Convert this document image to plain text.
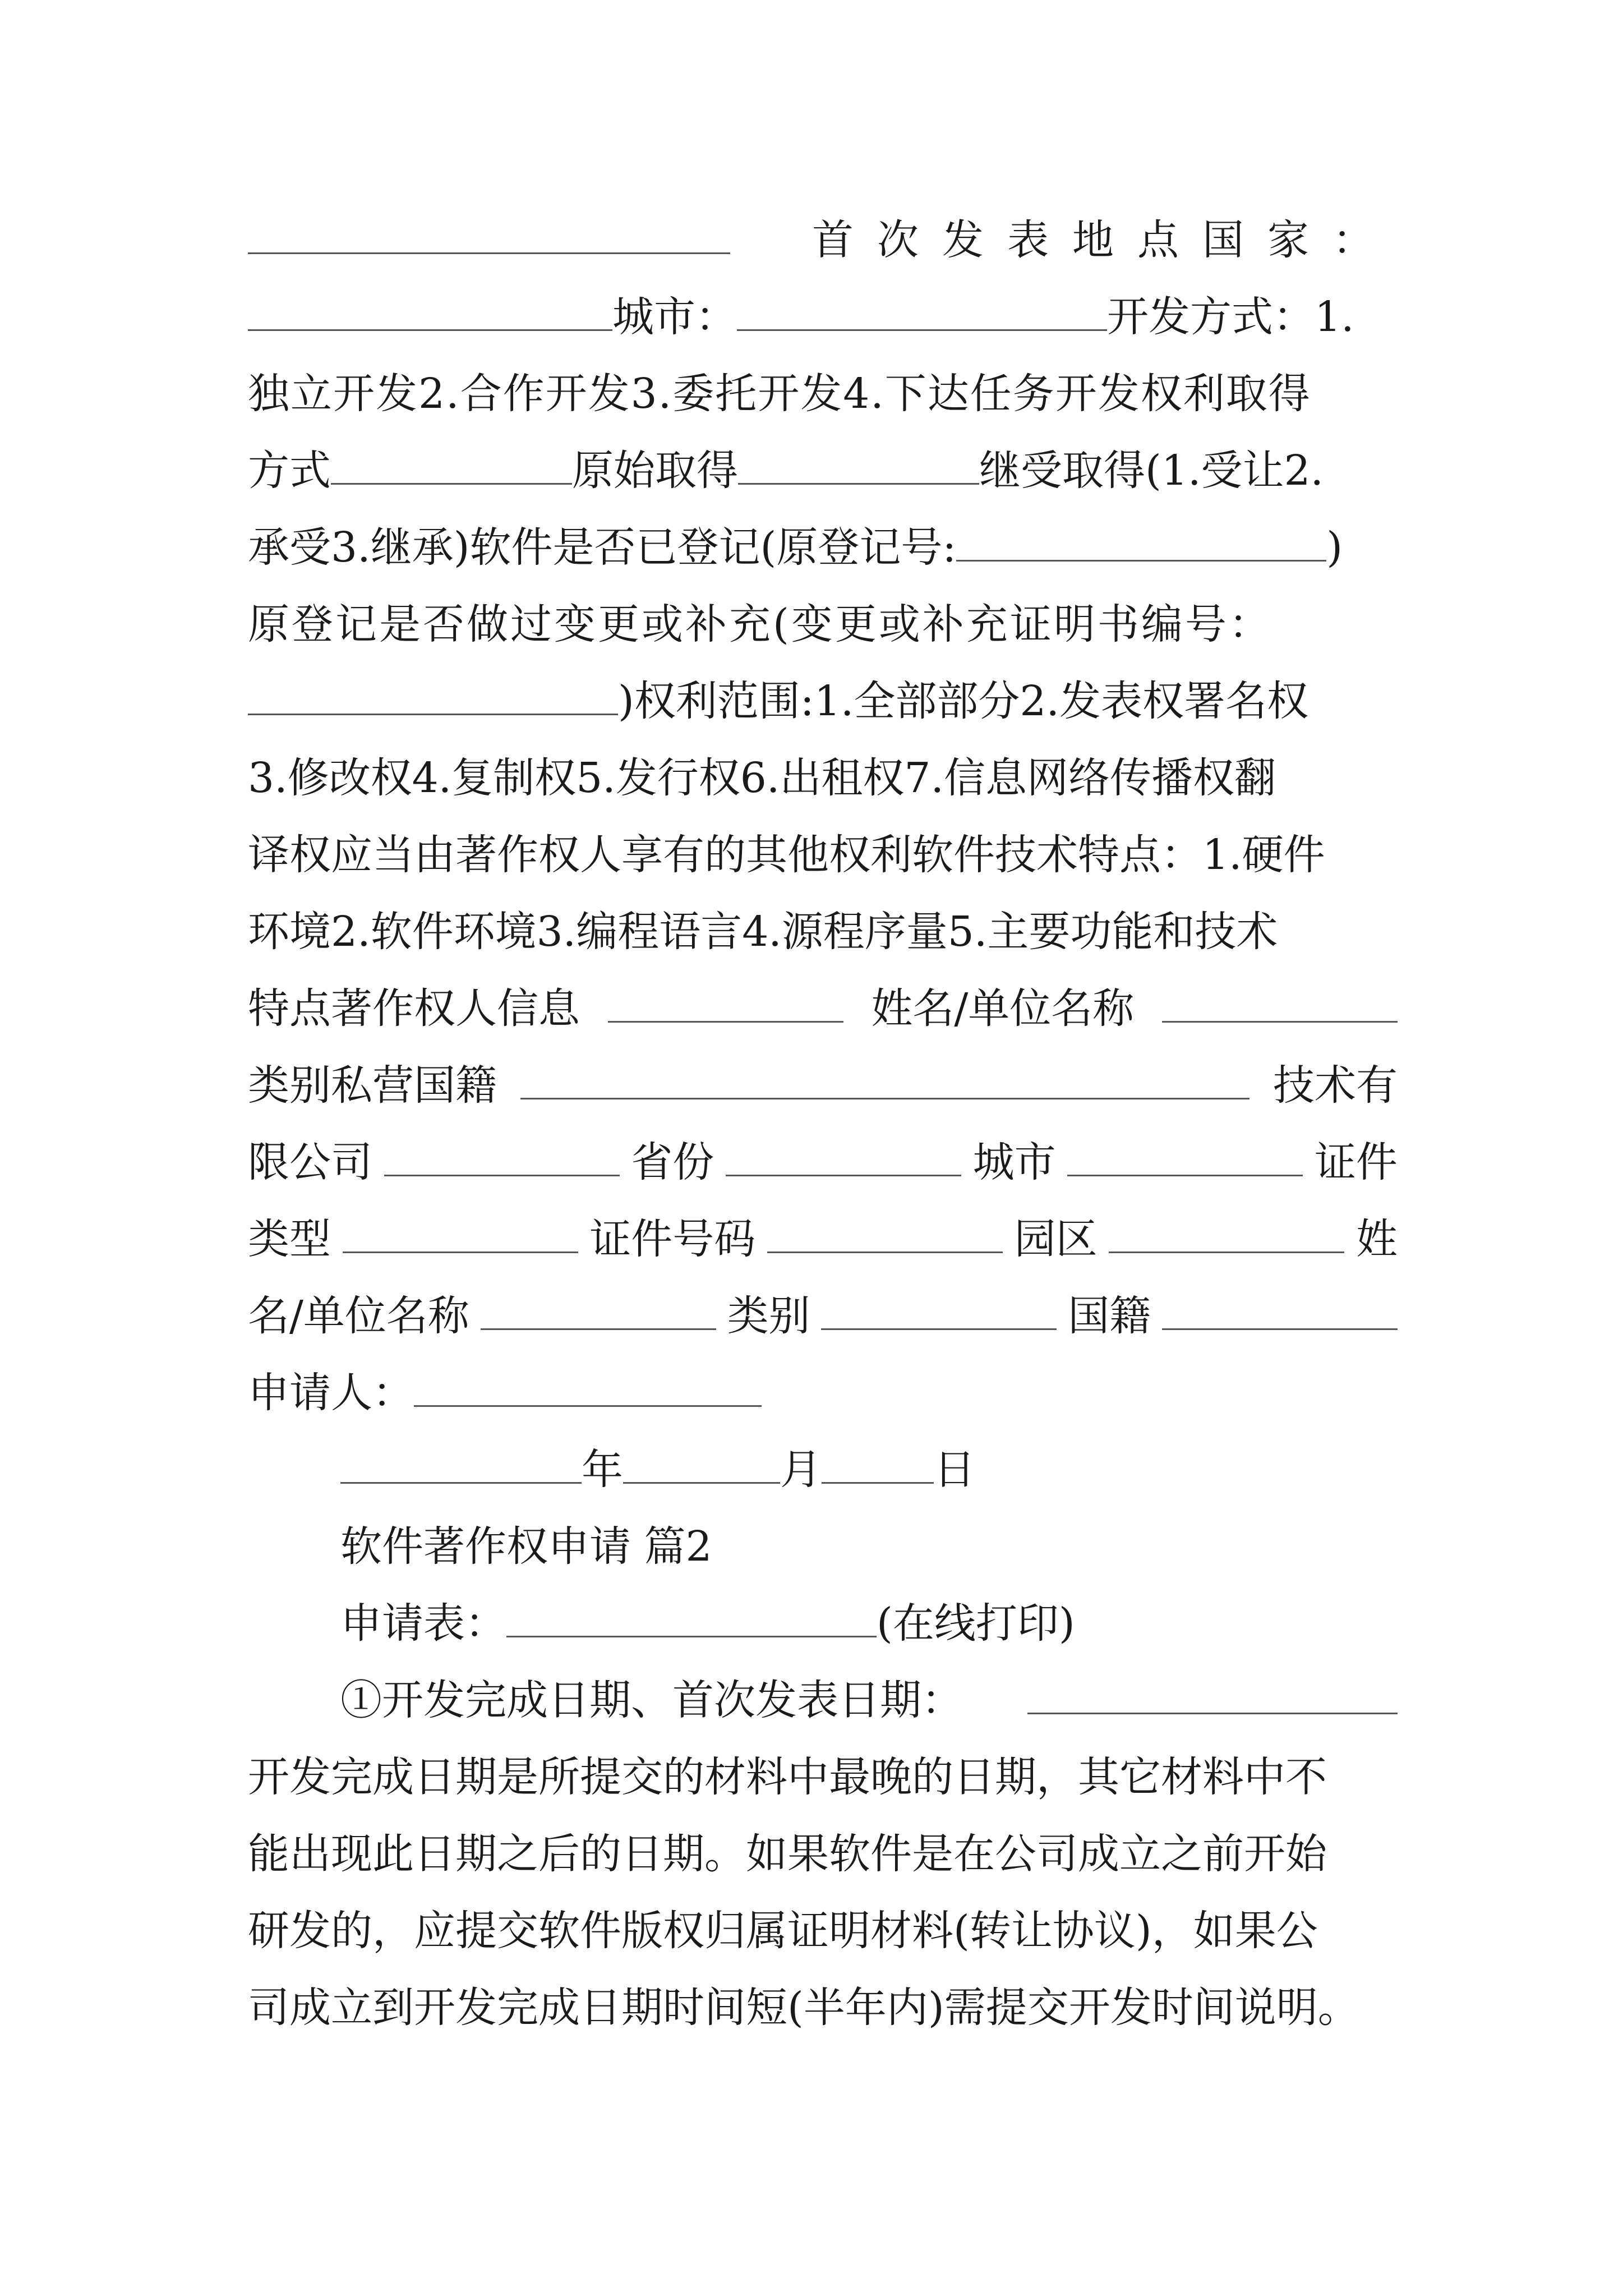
首次发表地点国家：
城市：	开发方式：1.
独立开发2.合作开发3.委托开发4.下达任务开发权利取得
方式	原始取得	继受取得(1.受让2.
承受3.继承)软件是否已登记(原登记号:	)
原登记是否做过变更或补充(变更或补充证明书编号：
)权利范围:1.全部部分2.发表权署名权
3.修改权4.复制权5.发行权6.出租权7.信息网络传播权翻
译权应当由著作权人享有的其他权利软件技术特点：1.硬件
环境2.软件环境3.编程语言4.源程序量5.主要功能和技术
特点著作权人信息	姓名/单位名称
类别私营国籍	技术有
限公司	省份	城市	证件
类型	证件号码	园区	姓
名/单位名称	类别	国籍
申请人：
年	月	日
软件著作权申请 篇2
申请表：	(在线打印)
①开发完成日期、首次发表日期：
开发完成日期是所提交的材料中最晚的日期，其它材料中不
能出现此日期之后的日期。如果软件是在公司成立之前开始
研发的，应提交软件版权归属证明材料(转让协议)，如果公
司成立到开发完成日期时间短(半年内)需提交开发时间说明。
